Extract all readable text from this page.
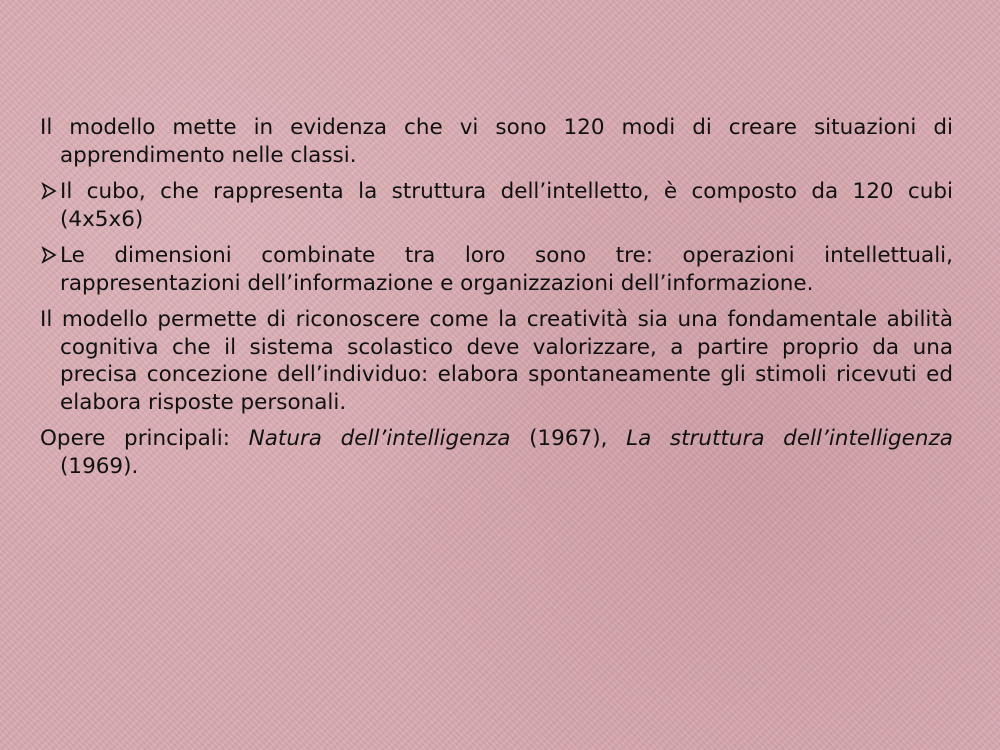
Il modello mette in evidenza che vi sono 120 modi di creare situazioni di apprendimento nelle classi.

Il cubo, che rappresenta la struttura dell’intelletto, è composto da 120 cubi (4x5x6)

Le dimensioni combinate tra loro sono tre: operazioni intellettuali, rappresentazioni dell’informazione e organizzazioni dell’informazione.

Il modello permette di riconoscere come la creatività sia una fondamentale abilità cognitiva che il sistema scolastico deve valorizzare, a partire proprio da una precisa concezione dell’individuo: elabora spontaneamente gli stimoli ricevuti ed elabora risposte personali.

Opere principali: Natura dell’intelligenza (1967), La struttura dell’intelligenza (1969).
